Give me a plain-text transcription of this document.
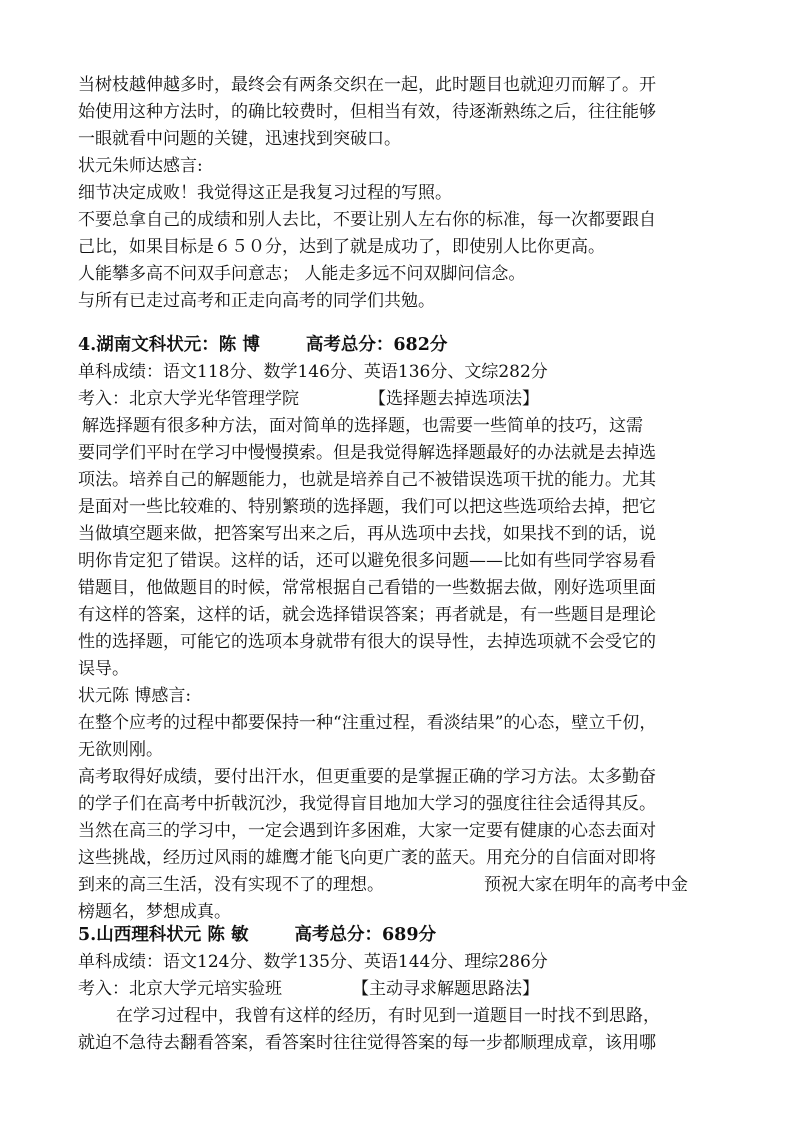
当树枝越伸越多时，最终会有两条交织在一起，此时题目也就迎刃而解了。开
始使用这种方法时，的确比较费时，但相当有效，待逐渐熟练之后，往往能够
一眼就看中问题的关键，迅速找到突破口。
状元朱师达感言:
细节决定成败！我觉得这正是我复习过程的写照。
不要总拿自己的成绩和别人去比，不要让别人左右你的标准，每一次都要跟自
己比，如果目标是６５０分，达到了就是成功了，即使别人比你更高。
人能攀多高不问双手问意志； 人能走多远不问双脚问信念。
与所有已走过高考和正走向高考的同学们共勉。
4.湖南文科状元：陈 博	高考总分：682分
单科成绩：语文118分、数学146分、英语136分、文综282分
考入：北京大学光华管理学院	【选择题去掉选项法】
解选择题有很多种方法，面对简单的选择题，也需要一些简单的技巧，这需
要同学们平时在学习中慢慢摸索。但是我觉得解选择题最好的办法就是去掉选
项法。培养自己的解题能力，也就是培养自己不被错误选项干扰的能力。尤其
是面对一些比较难的、特别繁琐的选择题，我们可以把这些选项给去掉，把它
当做填空题来做，把答案写出来之后，再从选项中去找，如果找不到的话，说
明你肯定犯了错误。这样的话，还可以避免很多问题——比如有些同学容易看
错题目，他做题目的时候，常常根据自己看错的一些数据去做，刚好选项里面
有这样的答案，这样的话，就会选择错误答案；再者就是，有一些题目是理论
性的选择题，可能它的选项本身就带有很大的误导性，去掉选项就不会受它的
误导。
状元陈 博感言:
在整个应考的过程中都要保持一种“注重过程，看淡结果”的心态，壁立千仞，
无欲则刚。
高考取得好成绩，要付出汗水，但更重要的是掌握正确的学习方法。太多勤奋
的学子们在高考中折戟沉沙，我觉得盲目地加大学习的强度往往会适得其反。
当然在高三的学习中，一定会遇到许多困难，大家一定要有健康的心态去面对
这些挑战，经历过风雨的雄鹰才能飞向更广袤的蓝天。用充分的自信面对即将
到来的高三生活，没有实现不了的理想。	预祝大家在明年的高考中金
榜题名，梦想成真。
5.山西理科状元 陈 敏	高考总分：689分
单科成绩：语文124分、数学135分、英语144分、理综286分
考入：北京大学元培实验班	【主动寻求解题思路法】
在学习过程中，我曾有这样的经历，有时见到一道题目一时找不到思路，
就迫不急待去翻看答案，看答案时往往觉得答案的每一步都顺理成章，该用哪
